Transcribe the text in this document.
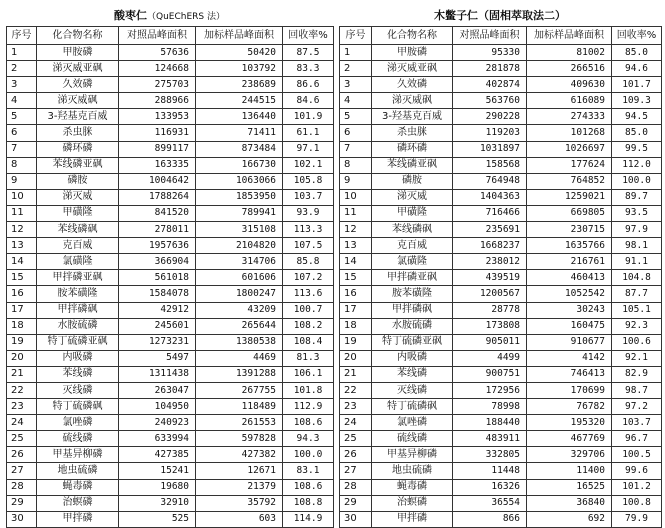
酸枣仁（QuEChERS 法）
序号	化合物名称	对照品峰面积	加标样品峰面积	回收率%
1	甲胺磷	57636	50420	87.5
2	涕灭威亚砜	124668	103792	83.3
3	久效磷	275703	238689	86.6
4	涕灭威砜	288966	244515	84.6
5	3-羟基克百威	133953	136440	101.9
6	杀虫脒	116931	71411	61.1
7	磷环磷	899117	873484	97.1
8	苯线磷亚砜	163335	166730	102.1
9	磷胺	1004642	1063066	105.8
10	涕灭威	1788264	1853950	103.7
11	甲磺隆	841520	789941	93.9
12	苯线磷砜	278011	315108	113.3
13	克百威	1957636	2104820	107.5
14	氯磺隆	366904	314706	85.8
15	甲拌磷亚砜	561018	601606	107.2
16	胺苯磺隆	1584078	1800247	113.6
17	甲拌磷砜	42912	43209	100.7
18	水胺硫磷	245601	265644	108.2
19	特丁硫磷亚砜	1273231	1380538	108.4
20	内吸磷	5497	4469	81.3
21	苯线磷	1311438	1391288	106.1
22	灭线磷	263047	267755	101.8
23	特丁硫磷砜	104950	118489	112.9
24	氯唑磷	240923	261553	108.6
25	硫线磷	633994	597828	94.3
26	甲基异柳磷	427385	427382	100.0
27	地虫硫磷	15241	12671	83.1
28	蝇毒磷	19680	21379	108.6
29	治螟磷	32910	35792	108.8
30	甲拌磷	525	603	114.9
木鳖子仁（固相萃取法二）
序号	化合物名称	对照品峰面积	加标样品峰面积	回收率%
1	甲胺磷	95330	81002	85.0
2	涕灭威亚砜	281878	266516	94.6
3	久效磷	402874	409630	101.7
4	涕灭威砜	563760	616089	109.3
5	3-羟基克百威	290228	274333	94.5
6	杀虫脒	119203	101268	85.0
7	磷环磷	1031897	1026697	99.5
8	苯线磷亚砜	158568	177624	112.0
9	磷胺	764948	764852	100.0
10	涕灭威	1404363	1259021	89.7
11	甲磺隆	716466	669805	93.5
12	苯线磷砜	235691	230715	97.9
13	克百威	1668237	1635766	98.1
14	氯磺隆	238012	216761	91.1
15	甲拌磷亚砜	439519	460413	104.8
16	胺苯磺隆	1200567	1052542	87.7
17	甲拌磷砜	28778	30243	105.1
18	水胺硫磷	173808	160475	92.3
19	特丁硫磷亚砜	905011	910677	100.6
20	内吸磷	4499	4142	92.1
21	苯线磷	900751	746413	82.9
22	灭线磷	172956	170699	98.7
23	特丁硫磷砜	78998	76782	97.2
24	氯唑磷	188440	195320	103.7
25	硫线磷	483911	467769	96.7
26	甲基异柳磷	332805	329706	100.5
27	地虫硫磷	11448	11400	99.6
28	蝇毒磷	16326	16525	101.2
29	治螟磷	36554	36840	100.8
30	甲拌磷	866	692	79.9
